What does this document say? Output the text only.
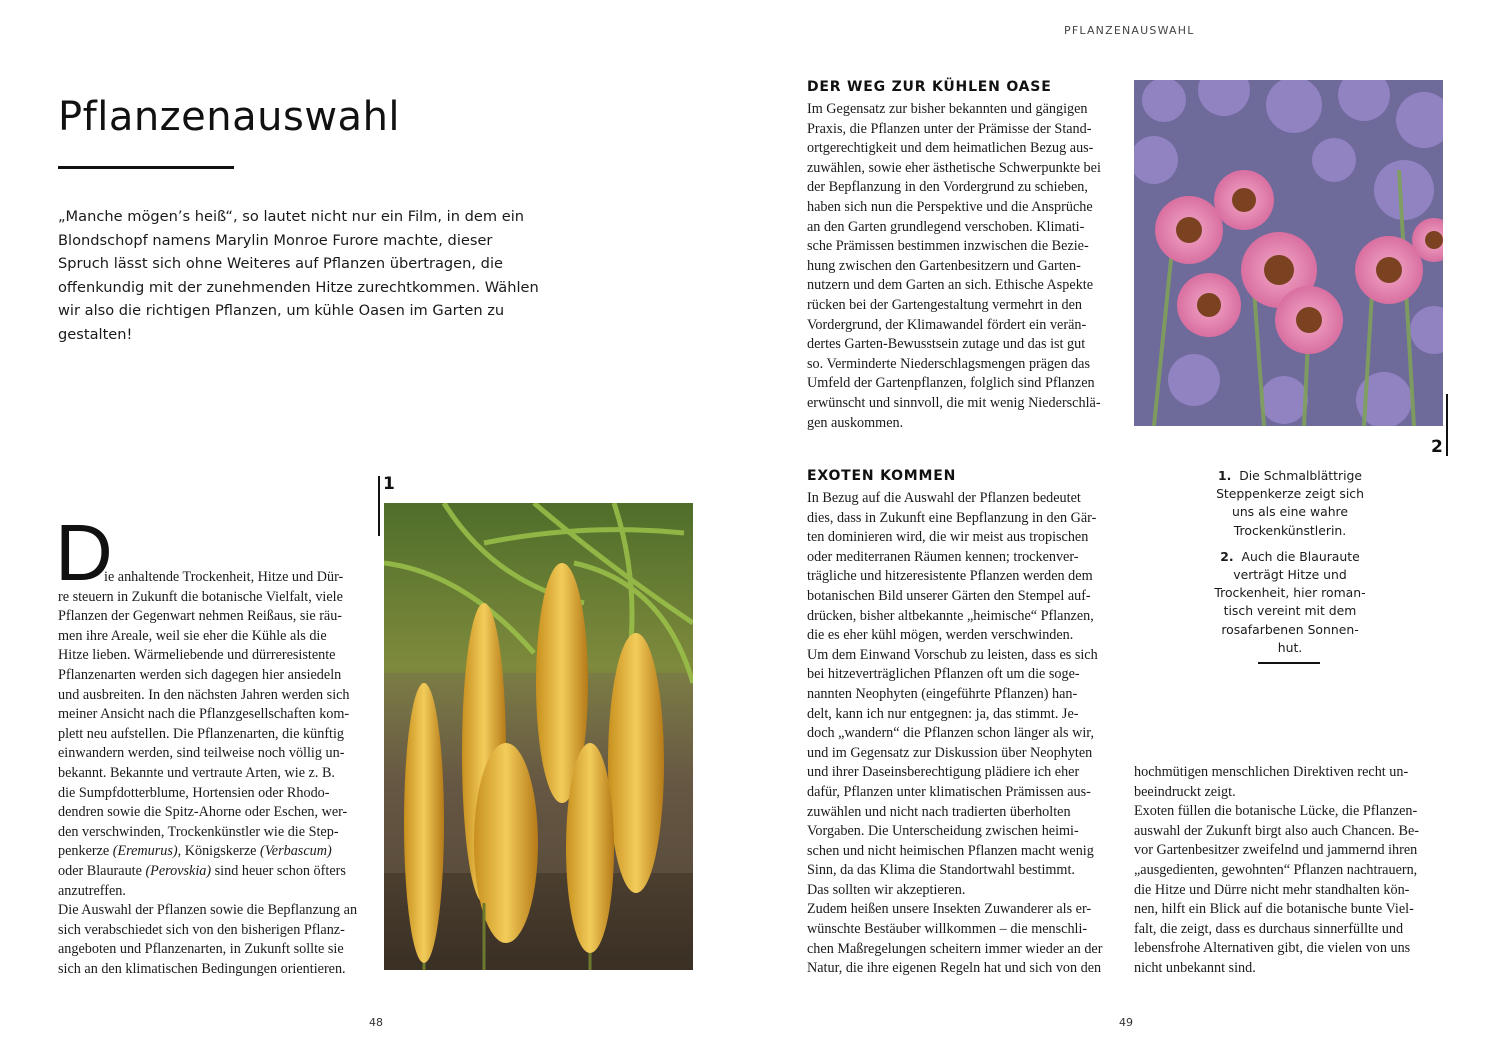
PFLANZENAUSWAHL
Pflanzenauswahl
„Manche mögen’s heiß“, so lautet nicht nur ein Film, in dem ein
Blondschopf namens Marylin Monroe Furore machte, dieser
Spruch lässt sich ohne Weiteres auf Pflanzen übertragen, die
offenkundig mit der zunehmenden Hitze zurechtkommen. Wählen
wir also die richtigen Pflanzen, um kühle Oasen im Garten zu
gestalten!
D
ie anhaltende Trockenheit, Hitze und Dür-
re steuern in Zukunft die botanische Vielfalt, viele
Pflanzen der Gegenwart nehmen Reißaus, sie räu-
men ihre Areale, weil sie eher die Kühle als die
Hitze lieben. Wärmeliebende und dürreresistente
Pflanzenarten werden sich dagegen hier ansiedeln
und ausbreiten. In den nächsten Jahren werden sich
meiner Ansicht nach die Pflanzgesellschaften kom-
plett neu aufstellen. Die Pflanzenarten, die künftig
einwandern werden, sind teilweise noch völlig un-
bekannt. Bekannte und vertraute Arten, wie z. B.
die Sumpfdotterblume, Hortensien oder Rhodo-
dendren sowie die Spitz-Ahorne oder Eschen, wer-
den verschwinden, Trockenkünstler wie die Step-
penkerze (Eremurus), Königskerze (Verbascum)
oder Blauraute (Perovskia) sind heuer schon öfters
anzutreffen.
Die Auswahl der Pflanzen sowie die Bepflanzung an
sich verabschiedet sich von den bisherigen Pflanz-
angeboten und Pflanzenarten, in Zukunft sollte sie
sich an den klimatischen Bedingungen orientieren.
1
DER WEG ZUR KÜHLEN OASE
Im Gegensatz zur bisher bekannten und gängigen
Praxis, die Pflanzen unter der Prämisse der Stand-
ortgerechtigkeit und dem heimatlichen Bezug aus-
zuwählen, sowie eher ästhetische Schwerpunkte bei
der Bepflanzung in den Vordergrund zu schieben,
haben sich nun die Perspektive und die Ansprüche
an den Garten grundlegend verschoben. Klimati-
sche Prämissen bestimmen inzwischen die Bezie-
hung zwischen den Gartenbesitzern und Garten-
nutzern und dem Garten an sich. Ethische Aspekte
rücken bei der Gartengestaltung vermehrt in den
Vordergrund, der Klimawandel fördert ein verän-
dertes Garten-Bewusstsein zutage und das ist gut
so. Verminderte Niederschlagsmengen prägen das
Umfeld der Gartenpflanzen, folglich sind Pflanzen
erwünscht und sinnvoll, die mit wenig Niederschlä-
gen auskommen.
2
EXOTEN KOMMEN
In Bezug auf die Auswahl der Pflanzen bedeutet
dies, dass in Zukunft eine Bepflanzung in den Gär-
ten dominieren wird, die wir meist aus tropischen
oder mediterranen Räumen kennen; trockenver-
trägliche und hitzeresistente Pflanzen werden dem
botanischen Bild unserer Gärten den Stempel auf-
drücken, bisher altbekannte „heimische“ Pflanzen,
die es eher kühl mögen, werden verschwinden.
Um dem Einwand Vorschub zu leisten, dass es sich
bei hitzeverträglichen Pflanzen oft um die soge-
nannten Neophyten (eingeführte Pflanzen) han-
delt, kann ich nur entgegnen: ja, das stimmt. Je-
doch „wandern“ die Pflanzen schon länger als wir,
und im Gegensatz zur Diskussion über Neophyten
und ihrer Daseinsberechtigung plädiere ich eher
dafür, Pflanzen unter klimatischen Prämissen aus-
zuwählen und nicht nach tradierten überholten
Vorgaben. Die Unterscheidung zwischen heimi-
schen und nicht heimischen Pflanzen macht wenig
Sinn, da das Klima die Standortwahl bestimmt.
Das sollten wir akzeptieren.
Zudem heißen unsere Insekten Zuwanderer als er-
wünschte Bestäuber willkommen – die menschli-
chen Maßregelungen scheitern immer wieder an der
Natur, die ihre eigenen Regeln hat und sich von den
hochmütigen menschlichen Direktiven recht un-
beeindruckt zeigt.
Exoten füllen die botanische Lücke, die Pflanzen-
auswahl der Zukunft birgt also auch Chancen. Be-
vor Gartenbesitzer zweifelnd und jammernd ihren
„ausgedienten, gewohnten“ Pflanzen nachtrauern,
die Hitze und Dürre nicht mehr standhalten kön-
nen, hilft ein Blick auf die botanische bunte Viel-
falt, die zeigt, dass es durchaus sinnerfüllte und
lebensfrohe Alternativen gibt, die vielen von uns
nicht unbekannt sind.
1. Die Schmalblättrige
Steppenkerze zeigt sich
uns als eine wahre
Trockenkünstlerin.
2. Auch die Blauraute
verträgt Hitze und
Trockenheit, hier roman-
tisch vereint mit dem
rosafarbenen Sonnen-
hut.
48	49
